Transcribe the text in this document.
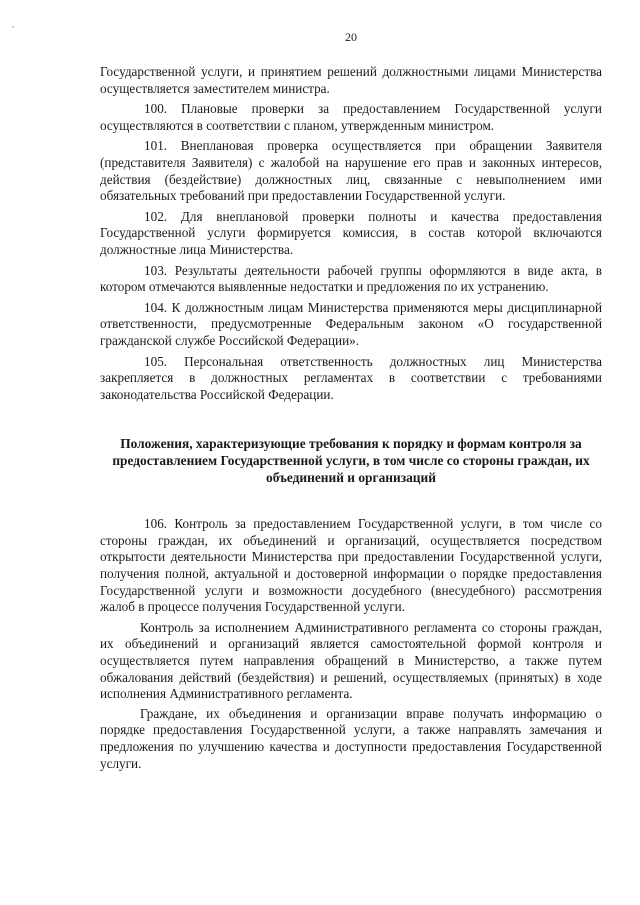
20

Государственной услуги, и принятием решений должностными лицами Министерства осуществляется заместителем министра.

100. Плановые проверки за предоставлением Государственной услуги осуществляются в соответствии с планом, утвержденным министром.

101. Внеплановая проверка осуществляется при обращении Заявителя (представителя Заявителя) с жалобой на нарушение его прав и законных интересов, действия (бездействие) должностных лиц, связанные с невыполнением ими обязательных требований при предоставлении Государственной услуги.

102. Для внеплановой проверки полноты и качества предоставления Государственной услуги формируется комиссия, в состав которой включаются должностные лица Министерства.

103. Результаты деятельности рабочей группы оформляются в виде акта, в котором отмечаются выявленные недостатки и предложения по их устранению.

104. К должностным лицам Министерства применяются меры дисциплинарной ответственности, предусмотренные Федеральным законом «О государственной гражданской службе Российской Федерации».

105. Персональная ответственность должностных лиц Министерства закрепляется в должностных регламентах в соответствии с требованиями законодательства Российской Федерации.

Положения, характеризующие требования к порядку и формам контроля за предоставлением Государственной услуги, в том числе со стороны граждан, их объединений и организаций

106. Контроль за предоставлением Государственной услуги, в том числе со стороны граждан, их объединений и организаций, осуществляется посредством открытости деятельности Министерства при предоставлении Государственной услуги, получения полной, актуальной и достоверной информации о порядке предоставления Государственной услуги и возможности досудебного (внесудебного) рассмотрения жалоб в процессе получения Государственной услуги.

Контроль за исполнением Административного регламента со стороны граждан, их объединений и организаций является самостоятельной формой контроля и осуществляется путем направления обращений в Министерство, а также путем обжалования действий (бездействия) и решений, осуществляемых (принятых) в ходе исполнения Административного регламента.

Граждане, их объединения и организации вправе получать информацию о порядке предоставления Государственной услуги, а также направлять замечания и предложения по улучшению качества и доступности предоставления Государственной услуги.
